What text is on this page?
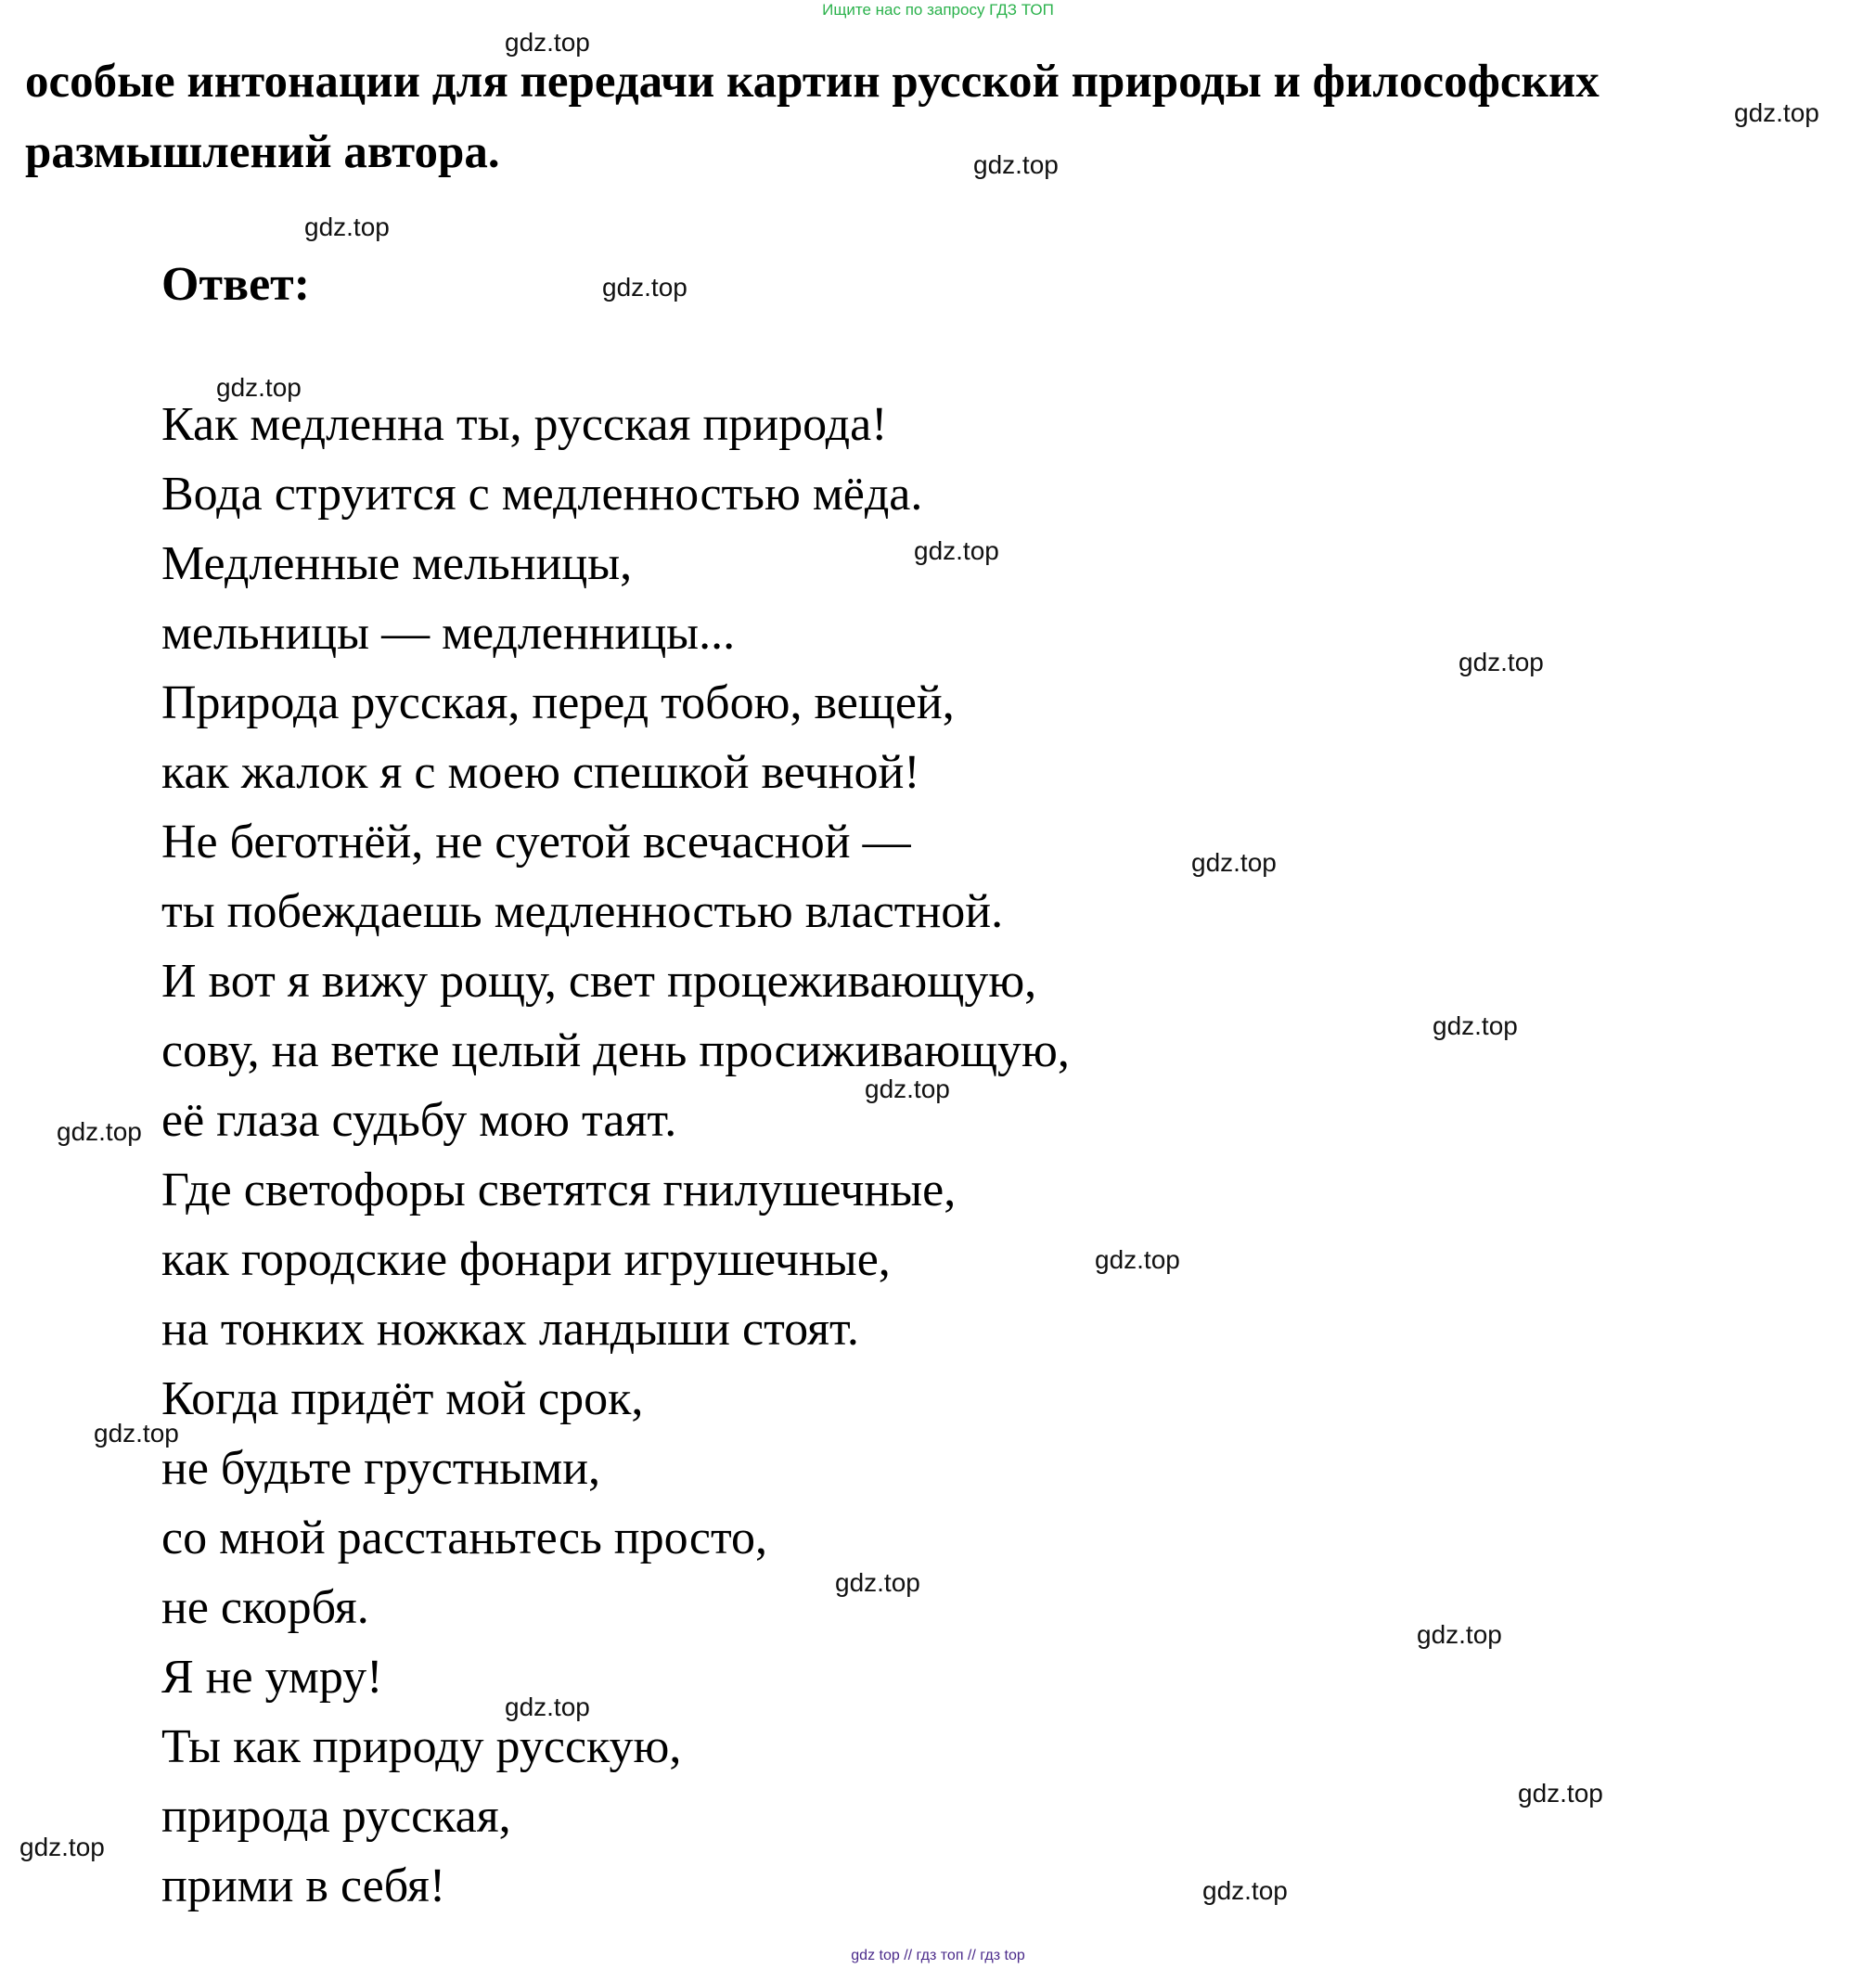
Ищите нас по запросу ГДЗ ТОП
особые интонации для передачи картин русской природы и философских
размышлений автора.
Ответ:
Как медленна ты, русская природа!
Вода струится с медленностью мёда.
Медленные мельницы,
мельницы — медленницы...
Природа русская, перед тобою, вещей,
как жалок я с моею спешкой вечной!
Не беготнёй, не суетой всечасной —
ты побеждаешь медленностью властной.
И вот я вижу рощу, свет процеживающую,
сову, на ветке целый день просиживающую,
её глаза судьбу мою таят.
Где светофоры светятся гнилушечные,
как городские фонари игрушечные,
на тонких ножках ландыши стоят.
Когда придёт мой срок,
не будьте грустными,
со мной расстаньтесь просто,
не скорбя.
Я не умру!
Ты как природу русскую,
природа русская,
прими в себя!
gdz.top
gdz.top
gdz.top
gdz.top
gdz.top
gdz.top
gdz.top
gdz.top
gdz.top
gdz.top
gdz.top
gdz.top
gdz.top
gdz.top
gdz.top
gdz.top
gdz.top
gdz.top
gdz.top
gdz.top
gdz top // гдз топ // гдз top
